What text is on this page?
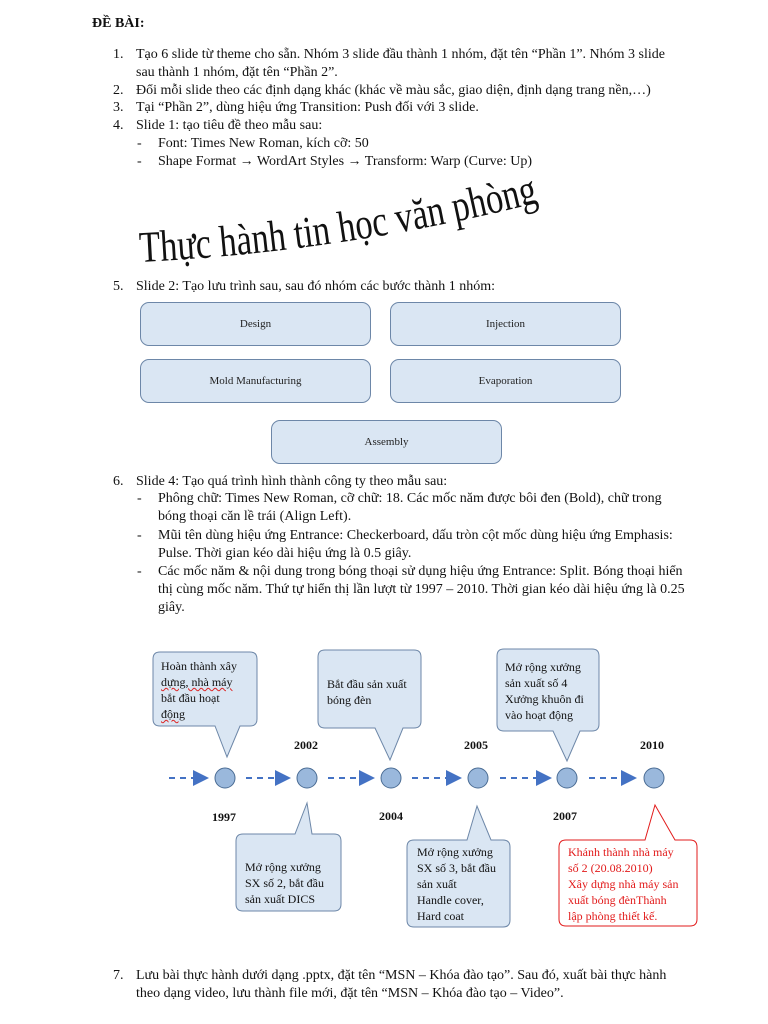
ĐỀ BÀI:
1. Tạo 6 slide từ theme cho sẵn. Nhóm 3 slide đầu thành 1 nhóm, đặt tên “Phần 1”. Nhóm 3 slide
sau thành 1 nhóm, đặt tên “Phần 2”.
2. Đổi mỗi slide theo các định dạng khác (khác về màu sắc, giao diện, định dạng trang nền,…)
3. Tại “Phần 2”, dùng hiệu ứng Transition: Push đối với 3 slide.
4. Slide 1: tạo tiêu đề theo mẫu sau:
- Font: Times New Roman, kích cỡ: 50
- Shape Format → WordArt Styles → Transform: Warp (Curve: Up)
Thực hành tin học văn phòng
5. Slide 2: Tạo lưu trình sau, sau đó nhóm các bước thành 1 nhóm:
Design	Injection
Mold Manufacturing	Evaporation
Assembly
6. Slide 4: Tạo quá trình hình thành công ty theo mẫu sau:
- Phông chữ: Times New Roman, cỡ chữ: 18. Các mốc năm được bôi đen (Bold), chữ trong
bóng thoại căn lề trái (Align Left).
- Mũi tên dùng hiệu ứng Entrance: Checkerboard, dấu tròn cột mốc dùng hiệu ứng Emphasis:
Pulse. Thời gian kéo dài hiệu ứng là 0.5 giây.
- Các mốc năm & nội dung trong bóng thoại sử dụng hiệu ứng Entrance: Split. Bóng thoại hiển
thị cùng mốc năm. Thứ tự hiển thị lần lượt từ 1997 – 2010. Thời gian kéo dài hiệu ứng là 0.25
giây.
1997
2002
2004
2005
2007
2010
Hoàn thành xây
dựng, nhà máy
bắt đầu hoạt
động
Bắt đầu sản xuất
bóng đèn
Mở rộng xưởng
sản xuất số 4
Xưởng khuôn đi
vào hoạt động
Mở rộng xưởng
SX số 2, bắt đầu
sản xuất DICS
Mở rộng xưởng
SX số 3, bắt đầu
sản xuất
Handle cover,
Hard coat
Khánh thành nhà máy
số 2 (20.08.2010)
Xây dựng nhà máy sản
xuất bóng đènThành
lập phòng thiết kế.
7. Lưu bài thực hành dưới dạng .pptx, đặt tên “MSN – Khóa đào tạo”. Sau đó, xuất bài thực hành
theo dạng video, lưu thành file mới, đặt tên “MSN – Khóa đào tạo – Video”.
